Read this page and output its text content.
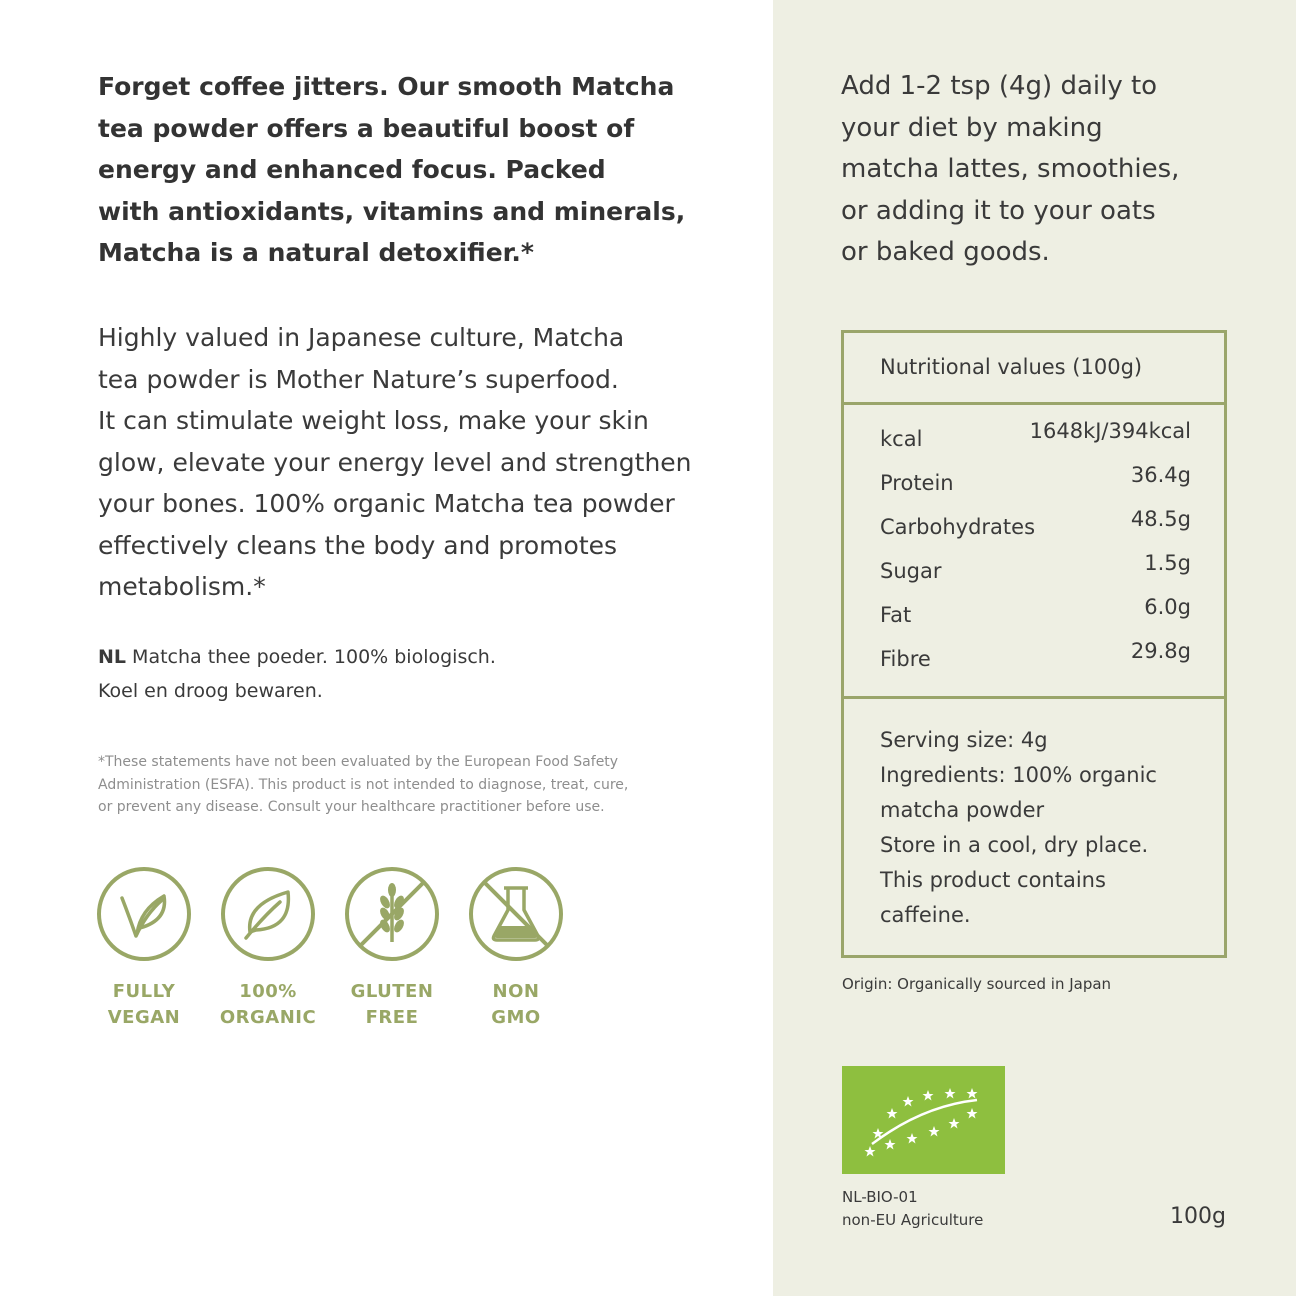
Forget coffee jitters. Our smooth Matcha
tea powder offers a beautiful boost of
energy and enhanced focus. Packed
with antioxidants, vitamins and minerals,
Matcha is a natural detoxifier.*
Highly valued in Japanese culture, Matcha
tea powder is Mother Nature’s superfood.
It can stimulate weight loss, make your skin
glow, elevate your energy level and strengthen
your bones. 100% organic Matcha tea powder
effectively cleans the body and promotes
metabolism.*
NL Matcha thee poeder. 100% biologisch.
Koel en droog bewaren.
*These statements have not been evaluated by the European Food Safety
Administration (ESFA). This product is not intended to diagnose, treat, cure,
or prevent any disease. Consult your healthcare practitioner before use.
FULLY
VEGAN
100%
ORGANIC
GLUTEN
FREE
NON
GMO
Add 1-2 tsp (4g) daily to
your diet by making
matcha lattes, smoothies,
or adding it to your oats
or baked goods.
Nutritional values (100g)
kcal	1648kJ/394kcal
Protein	36.4g
Carbohydrates	48.5g
Sugar	1.5g
Fat	6.0g
Fibre	29.8g
Serving size: 4g
Ingredients: 100% organic
matcha powder
Store in a cool, dry place.
This product contains
caffeine.
Origin: Organically sourced in Japan
NL-BIO-01
non-EU Agriculture	100g
